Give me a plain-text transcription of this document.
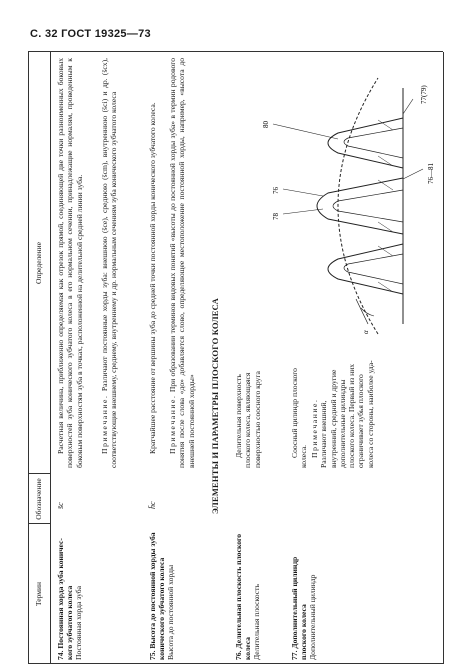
С. 32 ГОСТ 19325—73
Термин
Обозначение
Определение
74. Постоянная хорда зуба конического зубчатого колеса
Постоянная хорда зуба
s̄c
Расчетная величина, приближенно определяемая как отрезок прямой, соединяющей две точки разноименных боковых поверхностей зуба конического зубчатого колеса в его нормальном сечении, принадлежащие нормалям, проведенным к боковым поверхностям зуба в точках, расположенной на делительной средней линии зуба. Примечание. Различают постоянные хорды зуба: внешнюю (s̄ce), среднюю (s̄cm), внутреннюю (s̄ci) и др. (s̄cx), соответствующие внешнему, среднему, внутреннему и др. нормальным сечениям зуба конического зубчатого колеса
75. Высота до постоянной хорды зуба конического зубчатого колеса
Высота до постоянной хорды
h̄c
Кратчайшее расстояние от вершины зуба до средней точки постоянной хорды конического зубчатого колеса. Примечание. При образовании терминов видовых понятий «высоты до постоянной хорды зуба» в термин родового понятия после слова «до» добавляется слово, определяющее местоположение постоянной хорды, например, «высота до внешней постоянной хорды» ЭЛЕМЕНТЫ И ПАРАМЕТРЫ ПЛОСКОГО КОЛЕСА
76. Делительная плоскость плоского колеса
Делительная плоскость
Делительная поверхность плоского колеса, являющаяся поверхностью соосного круга
77. Дополнительный цилиндр плоского колеса
Дополнительный цилиндр
Соосный цилиндр плоского колеса. Примечание.
Различают внешний, внутренний, средний и другие дополнительные цилиндры плоского колеса. Первый из них ограничивает зубья плоского колеса со стороны, наиболее уда-
78
76
80
76—81
77(79)
α
